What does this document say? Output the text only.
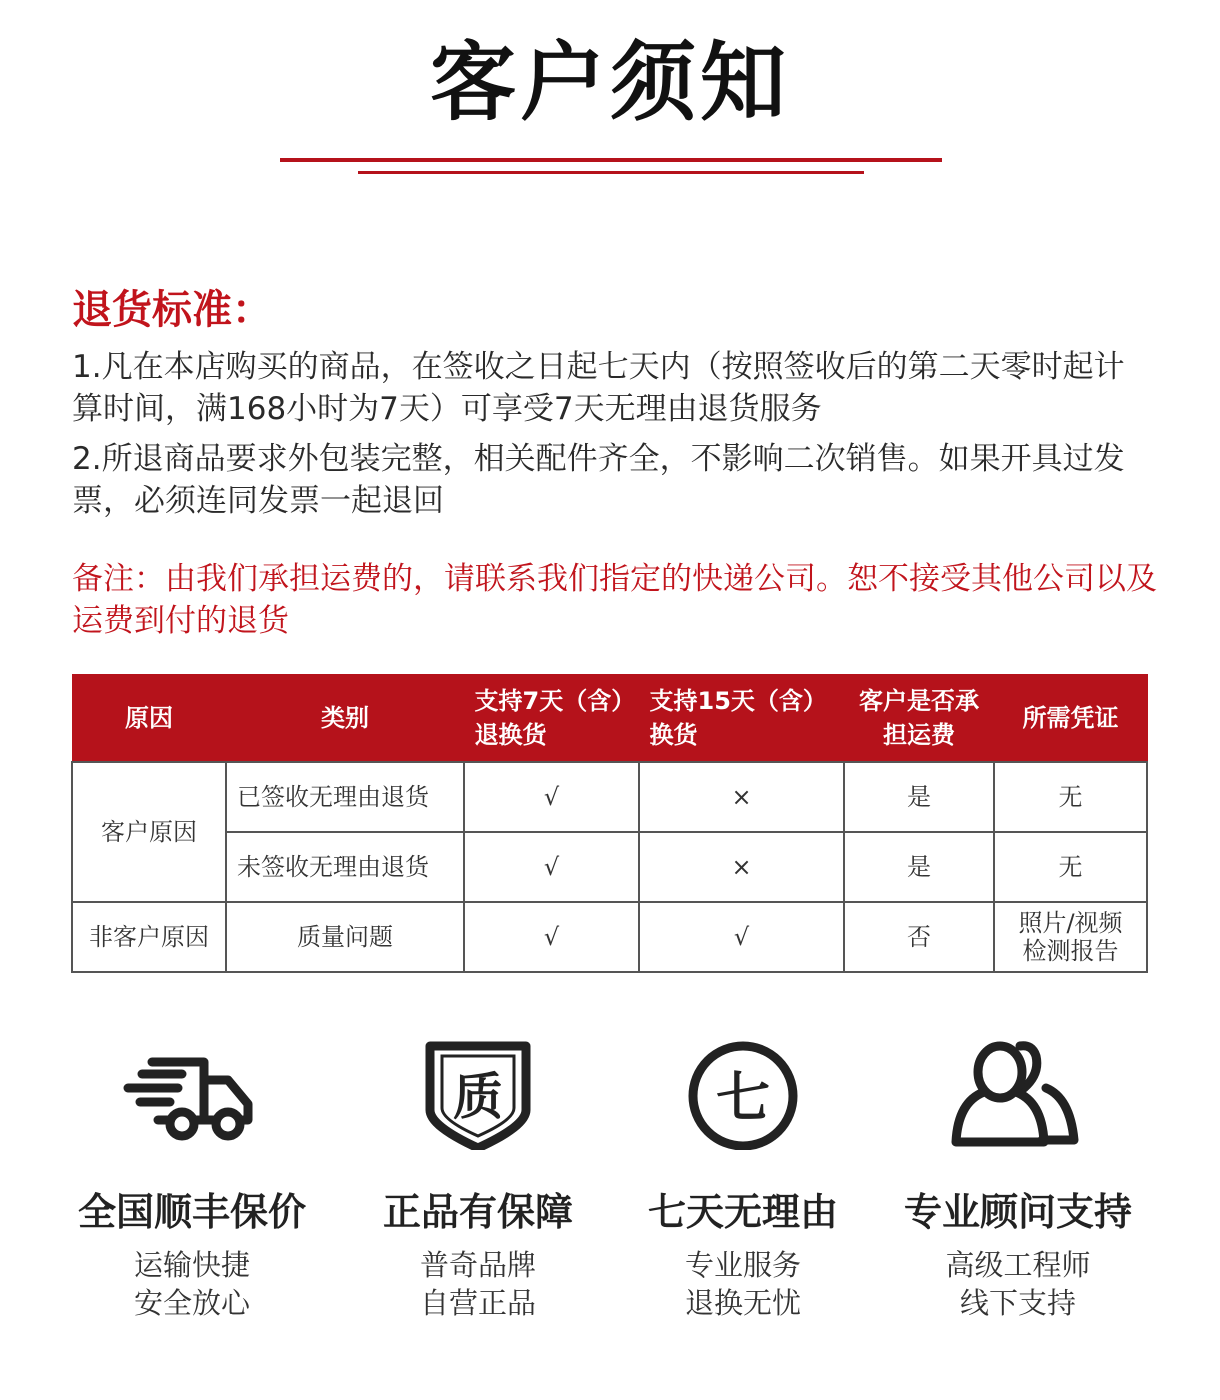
客户须知
退货标准：
1.凡在本店购买的商品，在签收之日起七天内（按照签收后的第二天零时起计算时间，满168小时为7天）可享受7天无理由退货服务
2.所退商品要求外包装完整，相关配件齐全，不影响二次销售。如果开具过发票，必须连同发票一起退回
备注：由我们承担运费的，请联系我们指定的快递公司。恕不接受其他公司以及运费到付的退货
原因	类别	支持7天（含）退换货	支持15天（含）换货	客户是否承担运费	所需凭证
客户原因	已签收无理由退货	√	×	是	无
	未签收无理由退货	√	×	是	无
非客户原因	质量问题	√	√	否	照片/视频检测报告
全国顺丰保价
运输快捷
安全放心
质
正品有保障
普奇品牌
自营正品
七
七天无理由
专业服务
退换无忧
专业顾问支持
高级工程师
线下支持
